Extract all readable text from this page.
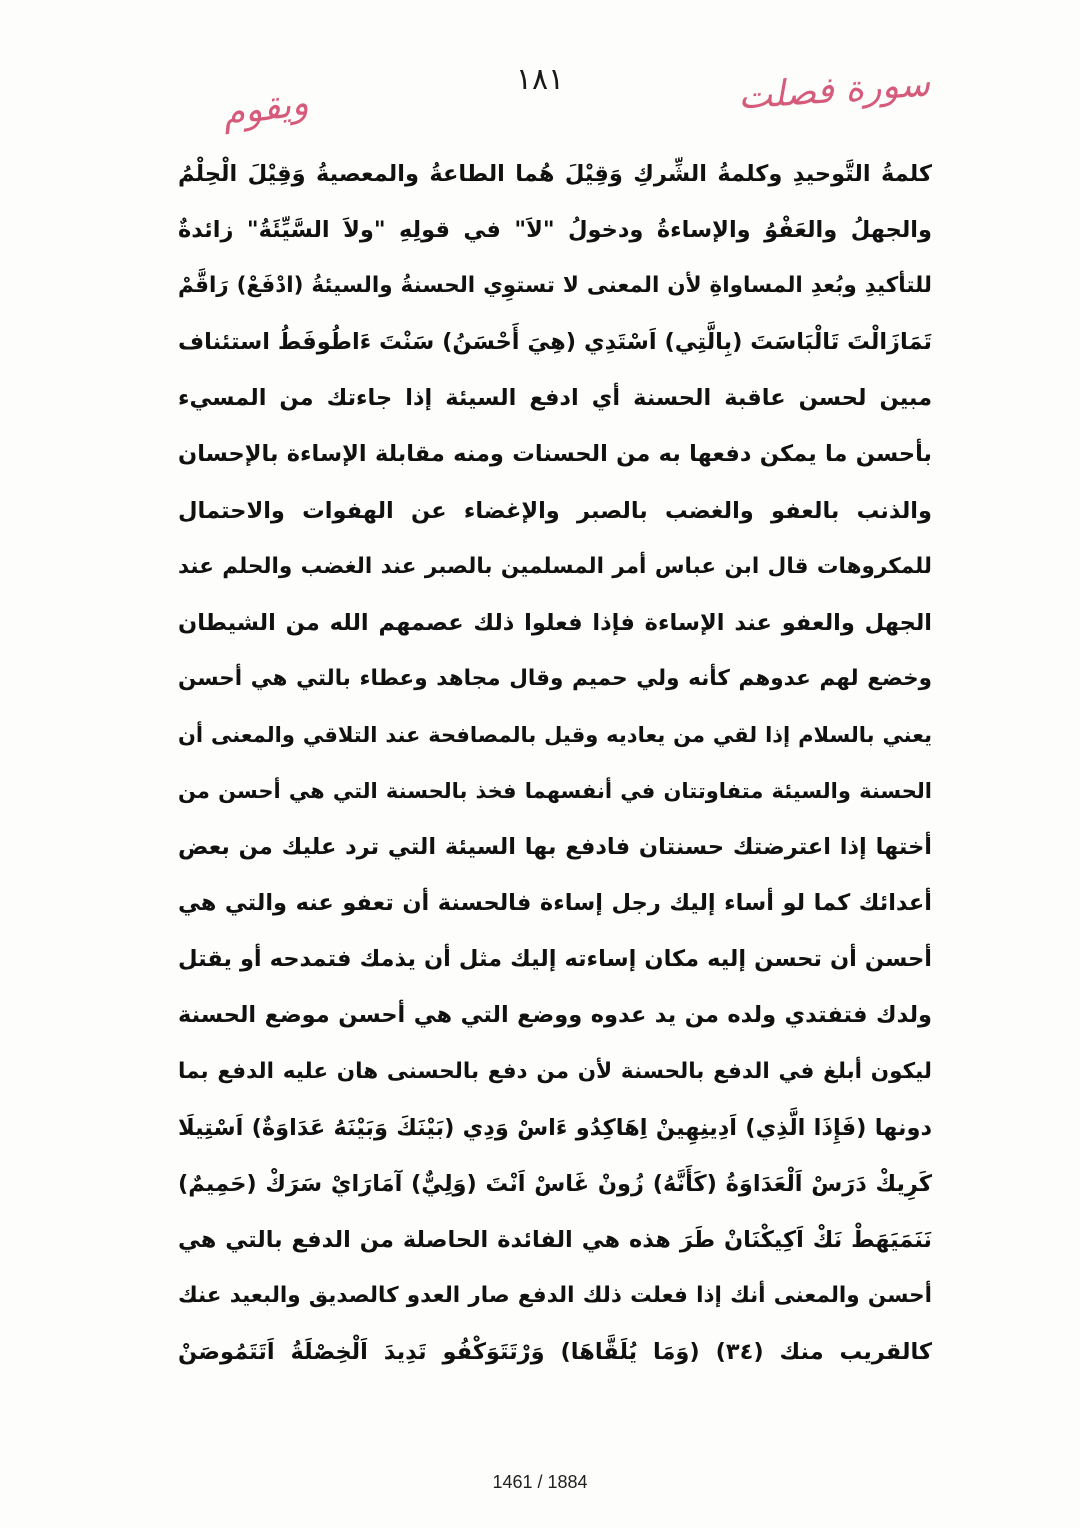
سورة فصلت
١٨١
ويقوم
كلمةُ التَّوحيدِ وكلمةُ الشِّركِ وَقِيْلَ هُما الطاعةُ والمعصيةُ وَقِيْلَ الْحِلْمُ
والجهلُ والعَفْوُ والإساءةُ ودخولُ "لاَ" في قولِهِ "ولاَ السَّيِّئَةُ" زائدةٌ
للتأكيدِ وبُعدِ المساواةِ لأن المعنى لا تستوِي الحسنةُ والسيئةُ (ادْفَعْ) رَاقَّمْ
تَمَازَالْتَ تَالْبَاسَتَ (بِالَّتِي) اَسْتَدِي (هِيَ أَحْسَنُ) سَنْتَ ءَاطُوفَطُ استئناف
مبين لحسن عاقبة الحسنة أي ادفع السيئة إذا جاءتك من المسيء
بأحسن ما يمكن دفعها به من الحسنات ومنه مقابلة الإساءة بالإحسان
والذنب بالعفو والغضب بالصبر والإغضاء عن الهفوات والاحتمال
للمكروهات قال ابن عباس أمر المسلمين بالصبر عند الغضب والحلم عند
الجهل والعفو عند الإساءة فإذا فعلوا ذلك عصمهم الله من الشيطان
وخضع لهم عدوهم كأنه ولي حميم وقال مجاهد وعطاء بالتي هي أحسن
يعني بالسلام إذا لقي من يعاديه وقيل بالمصافحة عند التلاقي والمعنى أن
الحسنة والسيئة متفاوتتان في أنفسهما فخذ بالحسنة التي هي أحسن من
أختها إذا اعترضتك حسنتان فادفع بها السيئة التي ترد عليك من بعض
أعدائك كما لو أساء إليك رجل إساءة فالحسنة أن تعفو عنه والتي هي
أحسن أن تحسن إليه مكان إساءته إليك مثل أن يذمك فتمدحه أو يقتل
ولدك فتفتدي ولده من يد عدوه ووضع التي هي أحسن موضع الحسنة
ليكون أبلغ في الدفع بالحسنة لأن من دفع بالحسنى هان عليه الدفع بما
دونها (فَإِذَا الَّذِي) اَدِينِهِينْ اِهَاكِدُو ءَاسْ وَدِي (بَيْنَكَ وَبَيْنَهُ عَدَاوَةٌ) اَسْتِيلَا
كَرِيكْ دَرَسْ اَلْعَدَاوَةُ (كَأَنَّهُ) زُونْ غَاسْ اَنْتَ (وَلِيٌّ) آمَارَايْ سَرَكْ (حَمِيمٌ)
نَنَمَيَهَطْ نَكْ اَكِيكْنَانْ طَرَ هذه هي الفائدة الحاصلة من الدفع بالتي هي
أحسن والمعنى أنك إذا فعلت ذلك الدفع صار العدو كالصديق والبعيد عنك
كالقريب منك (٣٤) (وَمَا يُلَقَّاهَا) وَرْتَتَوَكْفُو تَدِيدَ اَلْخِصْلَةُ اَتَتَمُوصَنْ
1461 / 1884
